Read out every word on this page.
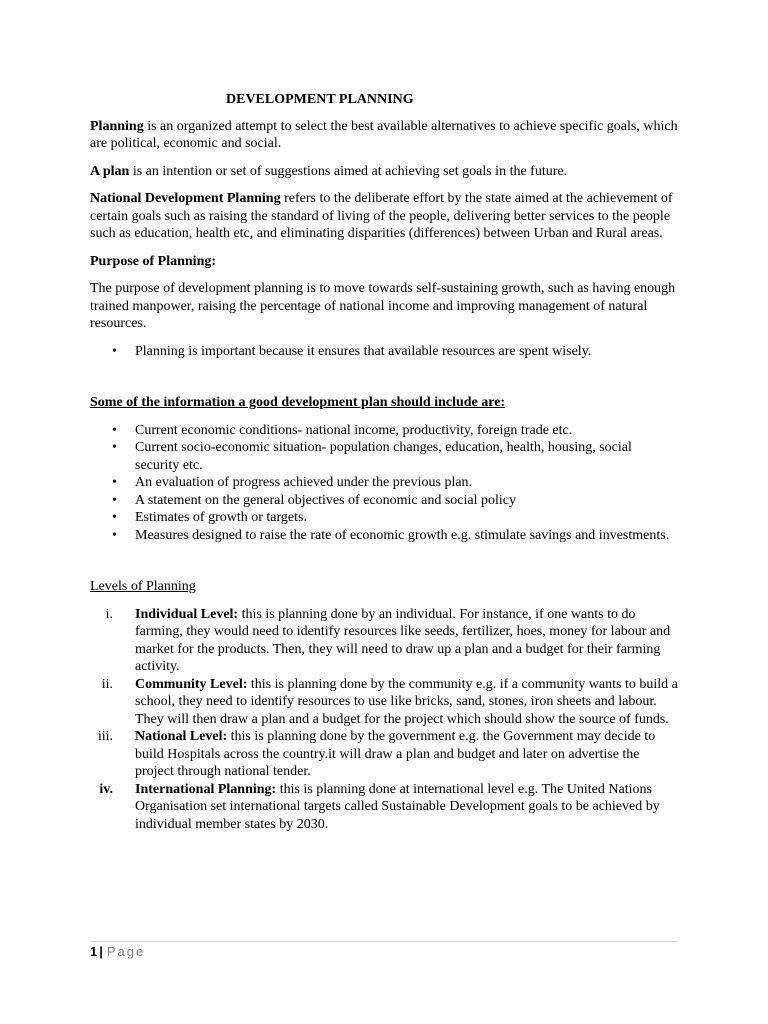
DEVELOPMENT PLANNING

Planning is an organized attempt to select the best available alternatives to achieve specific goals, which are political, economic and social.

A plan is an intention or set of suggestions aimed at achieving set goals in the future.

National Development Planning refers to the deliberate effort by the state aimed at the achievement of certain goals such as raising the standard of living of the people, delivering better services to the people such as education, health etc, and eliminating disparities (differences) between Urban and Rural areas.

Purpose of Planning:

The purpose of development planning is to move towards self-sustaining growth, such as having enough trained manpower, raising the percentage of national income and improving management of natural resources.

• Planning is important because it ensures that available resources are spent wisely.

Some of the information a good development plan should include are:

• Current economic conditions- national income, productivity, foreign trade etc.
• Current socio-economic situation- population changes, education, health, housing, social security etc.
• An evaluation of progress achieved under the previous plan.
• A statement on the general objectives of economic and social policy
• Estimates of growth or targets.
• Measures designed to raise the rate of economic growth e.g. stimulate savings and investments.

Levels of Planning

i. Individual Level: this is planning done by an individual. For instance, if one wants to do farming, they would need to identify resources like seeds, fertilizer, hoes, money for labour and market for the products. Then, they will need to draw up a plan and a budget for their farming activity.
ii. Community Level: this is planning done by the community e.g. if a community wants to build a school, they need to identify resources to use like bricks, sand, stones, iron sheets and labour. They will then draw a plan and a budget for the project which should show the source of funds.
iii. National Level: this is planning done by the government e.g. the Government may decide to build Hospitals across the country.it will draw a plan and budget and later on advertise the project through national tender.
iv. International Planning: this is planning done at international level e.g. The United Nations Organisation set international targets called Sustainable Development goals to be achieved by individual member states by 2030.
1 | Page
